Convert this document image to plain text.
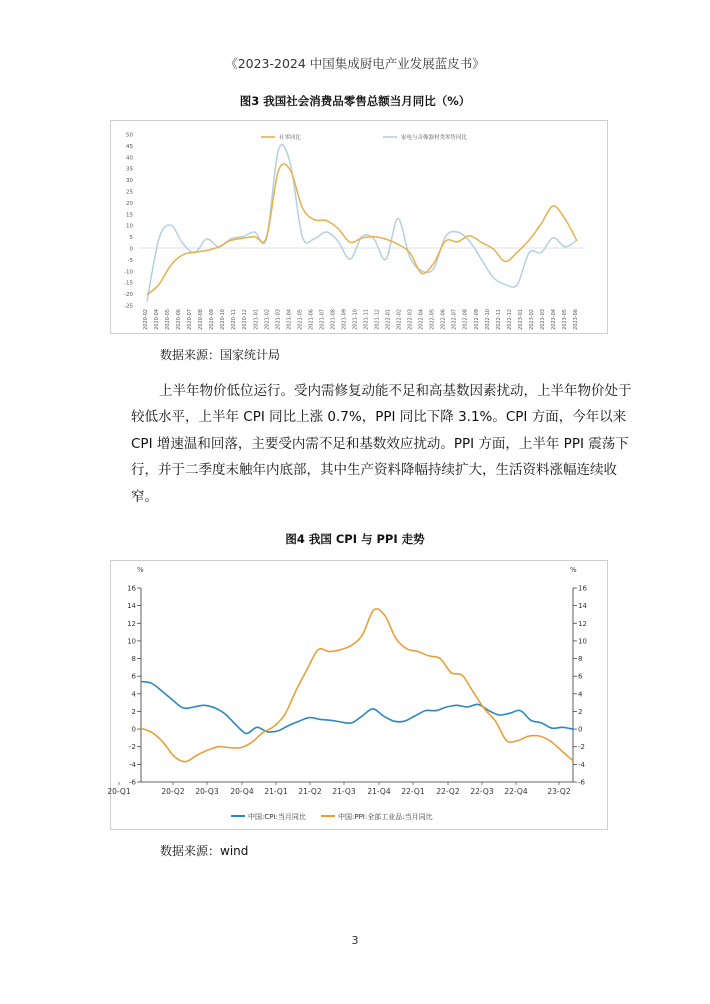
《2023-2024 中国集成厨电产业发展蓝皮书》
图3 我国社会消费品零售总额当月同比（%）
50
45
40
35
30
25
20
15
10
5
0
-5
-10
-15
-20
-25
2020-02 2020-04 2020-05 2020-06 2020-07 2020-08 2020-09 2020-10 2020-11 2020-12 2021-01 2021-02 2021-03 2021-04 2021-05 2021-06 2021-07 2021-08 2021-09 2021-10 2021-11 2021-12 2022-01 2022-02 2022-03 2022-04 2022-05 2022-06 2022-07 2022-08 2022-09 2022-10 2022-11 2022-12 2023-01 2023-02 2023-03 2023-04 2023-05 2023-06
社零同比	家电与音像器材类零售同比
数据来源：国家统计局
上半年物价低位运行。受内需修复动能不足和高基数因素扰动，上半年物价处于较低水平，上半年 CPI 同比上涨 0.7%，PPI 同比下降 3.1%。CPI 方面，今年以来 CPI 增速温和回落，主要受内需不足和基数效应扰动。PPI 方面，上半年 PPI 震荡下行，并于二季度末触年内底部，其中生产资料降幅持续扩大，生活资料涨幅连续收窄。
图4 我国 CPI 与 PPI 走势
%	%
-6	-6
-4	-4
-2	-2
0	0
2	2
4	4
6	6
8	8
10	10
12	12
14	14
16	16
20-Q1	20-Q2 20-Q3 20-Q4 21-Q1 21-Q2 21-Q3 21-Q4 22-Q1 22-Q2 22-Q3 22-Q4	23-Q2
中国:CPI:当月同比	中国:PPI:全部工业品:当月同比
数据来源：wind
3
